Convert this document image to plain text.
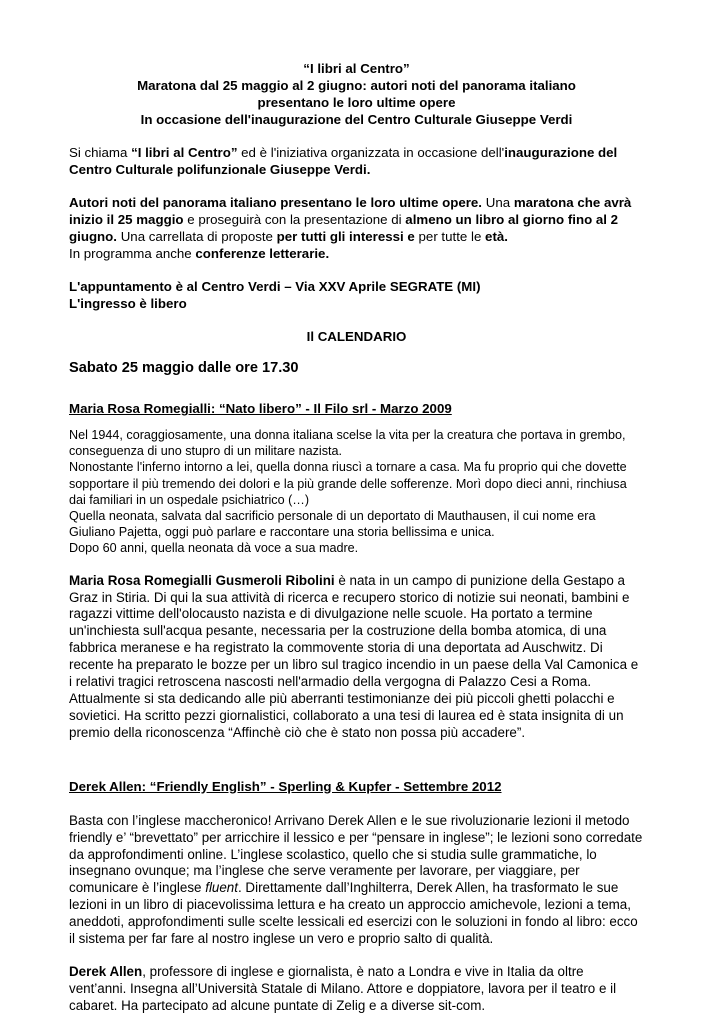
“I libri al Centro”
Maratona dal 25 maggio al 2 giugno: autori noti del panorama italiano
presentano le loro ultime opere
In occasione dell'inaugurazione del Centro Culturale Giuseppe Verdi

Si chiama “I libri al Centro” ed è l'iniziativa organizzata in occasione dell'inaugurazione del Centro Culturale polifunzionale Giuseppe Verdi.

Autori noti del panorama italiano presentano le loro ultime opere. Una maratona che avrà inizio il 25 maggio e proseguirà con la presentazione di almeno un libro al giorno fino al 2 giugno. Una carrellata di proposte per tutti gli interessi e per tutte le età.
In programma anche conferenze letterarie.

L'appuntamento è al Centro Verdi – Via XXV Aprile SEGRATE (MI)
L'ingresso è libero

Il CALENDARIO

Sabato 25 maggio dalle ore 17.30

Maria Rosa Romegialli: “Nato libero” - Il Filo srl - Marzo 2009

Nel 1944, coraggiosamente, una donna italiana scelse la vita per la creatura che portava in grembo, conseguenza di uno stupro di un militare nazista.

Nonostante l'inferno intorno a lei, quella donna riuscì a tornare a casa. Ma fu proprio qui che dovette sopportare il più tremendo dei dolori e la più grande delle sofferenze. Morì dopo dieci anni, rinchiusa dai familiari in un ospedale psichiatrico (…)

Quella neonata, salvata dal sacrificio personale di un deportato di Mauthausen, il cui nome era Giuliano Pajetta, oggi può parlare e raccontare una storia bellissima e unica.

Dopo 60 anni, quella neonata dà voce a sua madre.

Maria Rosa Romegialli Gusmeroli Ribolini è nata in un campo di punizione della Gestapo a Graz in Stiria. Di qui la sua attività di ricerca e recupero storico di notizie sui neonati, bambini e ragazzi vittime dell'olocausto nazista e di divulgazione nelle scuole. Ha portato a termine un'inchiesta sull'acqua pesante, necessaria per la costruzione della bomba atomica, di una fabbrica meranese e ha registrato la commovente storia di una deportata ad Auschwitz. Di recente ha preparato le bozze per un libro sul tragico incendio in un paese della Val Camonica e i relativi tragici retroscena nascosti nell'armadio della vergogna di Palazzo Cesi a Roma. Attualmente si sta dedicando alle più aberranti testimonianze dei più piccoli ghetti polacchi e sovietici. Ha scritto pezzi giornalistici, collaborato a una tesi di laurea ed è stata insignita di un premio della riconoscenza “Affinchè ciò che è stato non possa più accadere”.

Derek Allen: “Friendly English” - Sperling & Kupfer - Settembre 2012

Basta con l’inglese maccheronico! Arrivano Derek Allen e le sue rivoluzionarie lezioni il metodo friendly e’ “brevettato” per arricchire il lessico e per “pensare in inglese”; le lezioni sono corredate da approfondimenti online. L’inglese scolastico, quello che si studia sulle grammatiche, lo insegnano ovunque; ma l’inglese che serve veramente per lavorare, per viaggiare, per comunicare è l’inglese fluent. Direttamente dall’Inghilterra, Derek Allen, ha trasformato le sue lezioni in un libro di piacevolissima lettura e ha creato un approccio amichevole, lezioni a tema, aneddoti, approfondimenti sulle scelte lessicali ed esercizi con le soluzioni in fondo al libro: ecco il sistema per far fare al nostro inglese un vero e proprio salto di qualità.

Derek Allen, professore di inglese e giornalista, è nato a Londra e vive in Italia da oltre vent’anni. Insegna all’Università Statale di Milano. Attore e doppiatore, lavora per il teatro e il cabaret. Ha partecipato ad alcune puntate di Zelig e a diverse sit-com.
